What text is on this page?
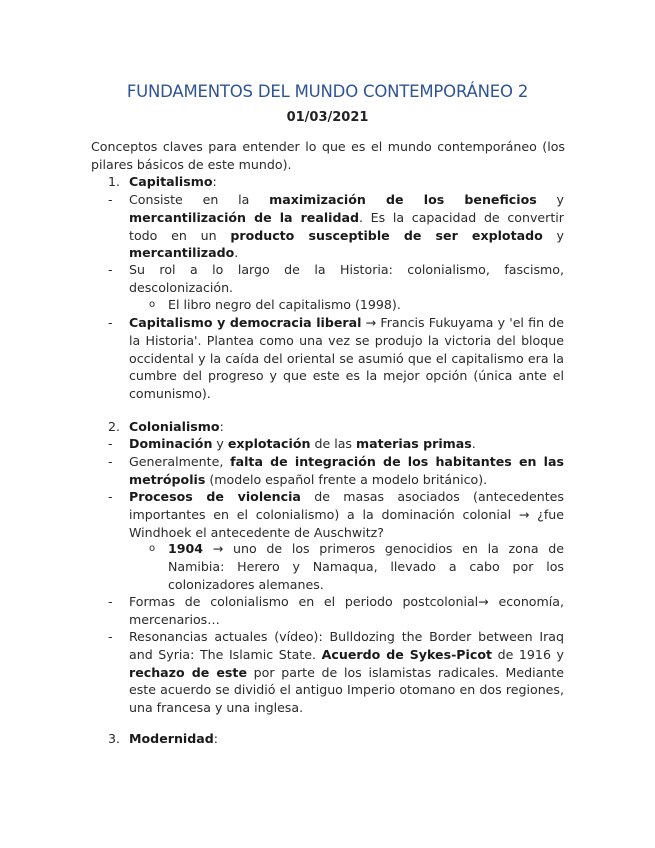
FUNDAMENTOS DEL MUNDO CONTEMPORÁNEO 2
01/03/2021
Conceptos claves para entender lo que es el mundo contemporáneo (los pilares básicos de este mundo).
1. Capitalismo:
- Consiste en la maximización de los beneficios y mercantilización de la realidad. Es la capacidad de convertir todo en un producto susceptible de ser explotado y mercantilizado.
- Su rol a lo largo de la Historia: colonialismo, fascismo, descolonización.
o El libro negro del capitalismo (1998).
- Capitalismo y democracia liberal → Francis Fukuyama y 'el fin de la Historia'. Plantea como una vez se produjo la victoria del bloque occidental y la caída del oriental se asumió que el capitalismo era la cumbre del progreso y que este es la mejor opción (única ante el comunismo).
2. Colonialismo:
- Dominación y explotación de las materias primas.
- Generalmente, falta de integración de los habitantes en las metrópolis (modelo español frente a modelo británico).
- Procesos de violencia de masas asociados (antecedentes importantes en el colonialismo) a la dominación colonial → ¿fue Windhoek el antecedente de Auschwitz?
o 1904 → uno de los primeros genocidios en la zona de Namibia: Herero y Namaqua, llevado a cabo por los colonizadores alemanes.
- Formas de colonialismo en el periodo postcolonial→ economía, mercenarios…
- Resonancias actuales (vídeo): Bulldozing the Border between Iraq and Syria: The Islamic State. Acuerdo de Sykes-Picot de 1916 y rechazo de este por parte de los islamistas radicales. Mediante este acuerdo se dividió el antiguo Imperio otomano en dos regiones, una francesa y una inglesa.
3. Modernidad:
